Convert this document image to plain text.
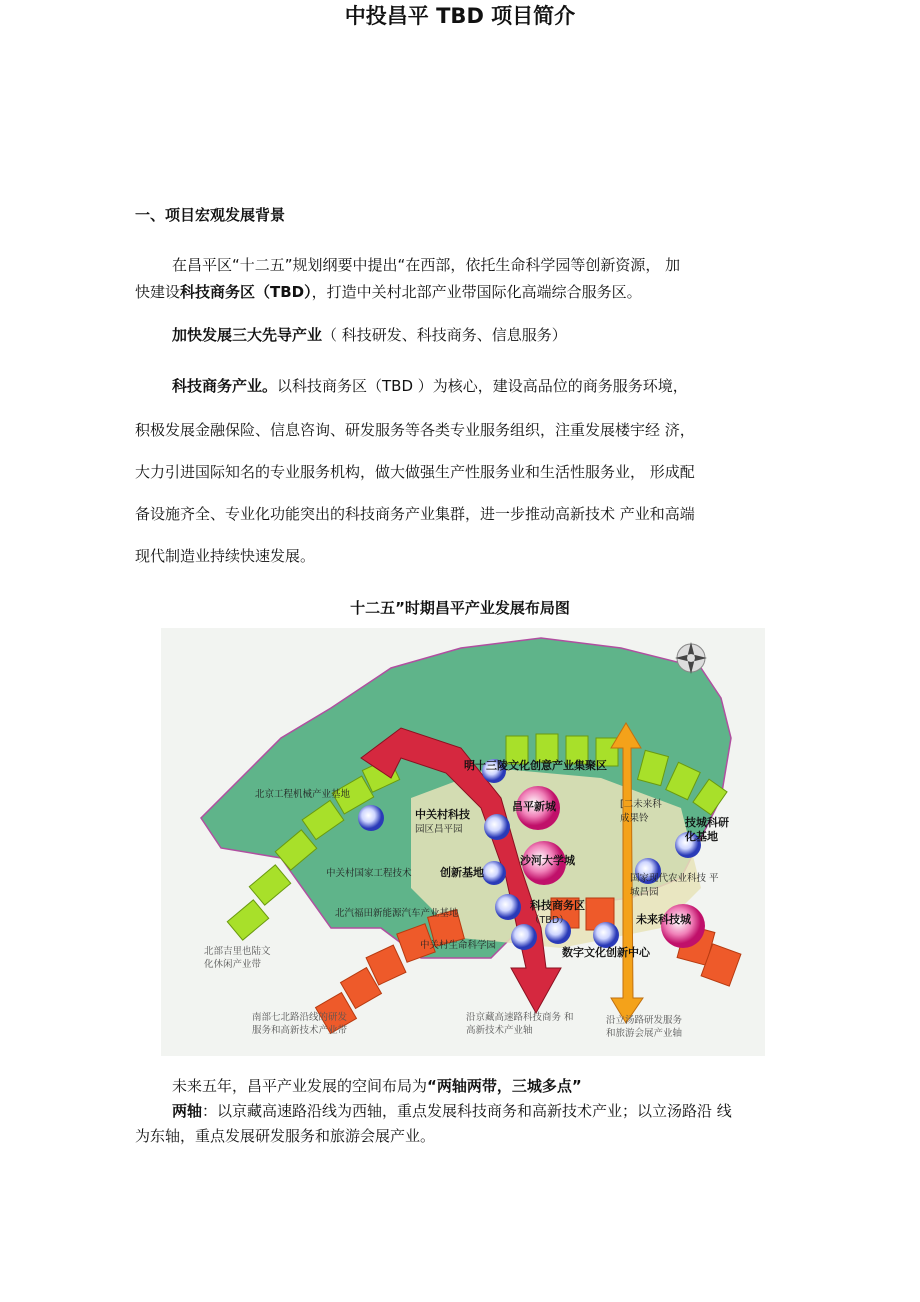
中投昌平 TBD 项目简介
一、项目宏观发展背景
在昌平区“十二五”规划纲要中提出“在西部，依托生命科学园等创新资源， 加
快建设科技商务区（TBD），打造中关村北部产业带国际化高端综合服务区。
加快发展三大先导产业（ 科技研发、科技商务、信息服务）
科技商务产业。以科技商务区（TBD ）为核心，建设高品位的商务服务环境，
积极发展金融保险、信息咨询、研发服务等各类专业服务组织，注重发展楼宇经 济，
大力引进国际知名的专业服务机构，做大做强生产性服务业和生活性服务业， 形成配
备设施齐全、专业化功能突出的科技商务产业集群，进一步推动高新技术 产业和高端
现代制造业持续快速发展。
十二五”时期昌平产业发展布局图
明十三陵文化创意产业集聚区
北京工程机械产业基地
中关村科技
园区昌平园
昌平新城	[二未来科
成果铃	技城科研
化基地
沙河大学城
中关村国家工程技术	创新基地	国家现代农业科技 平
城昌园
北汽福田新能源汽车产业基地
科技商务区
（TBD）	未来科技城
中关村生命科学园
数字文化创新中心
北部吉里也陆文
化休闲产业带
南部七北路沿线的研发
服务和高新技术产业带
沿京藏高速路科技商务 和
高新技术产业轴
沿立汤路研发服务
和旅游会展产业轴
未来五年，昌平产业发展的空间布局为“两轴两带，三城多点”
两轴：以京藏高速路沿线为西轴，重点发展科技商务和高新技术产业；以立汤路沿 线
为东轴，重点发展研发服务和旅游会展产业。
